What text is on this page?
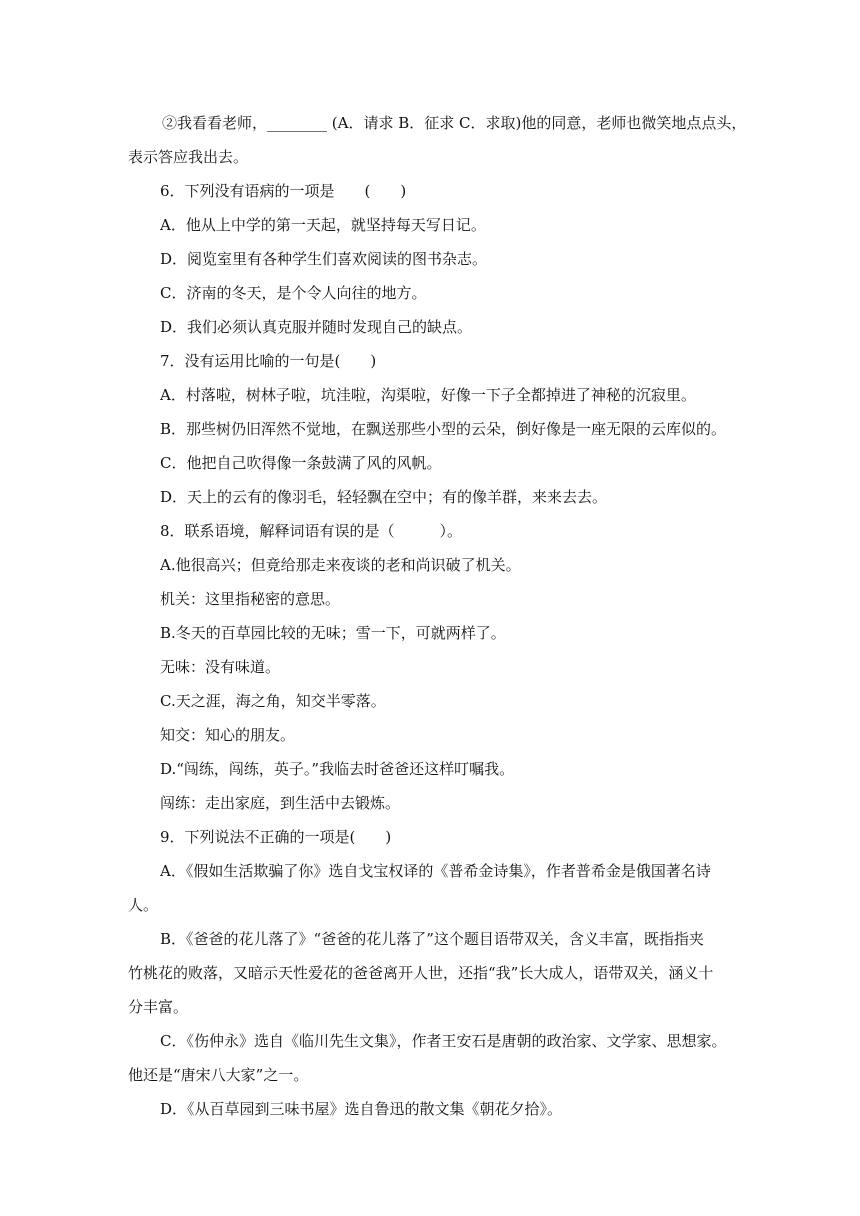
②我看看老师，________ (A．请求 B．征求 C．求取)他的同意，老师也微笑地点点头，
表示答应我出去。
6．下列没有语病的一项是　　(　　)
A．他从上中学的第一天起，就坚持每天写日记。
D．阅览室里有各种学生们喜欢阅读的图书杂志。
C．济南的冬天，是个令人向往的地方。
D．我们必须认真克服并随时发现自己的缺点。
7．没有运用比喻的一句是(　　)
A．村落啦，树林子啦，坑洼啦，沟渠啦，好像一下子全都掉进了神秘的沉寂里。
B．那些树仍旧浑然不觉地，在飘送那些小型的云朵，倒好像是一座无限的云库似的。
C．他把自己吹得像一条鼓满了风的风帆。
D．天上的云有的像羽毛，轻轻飘在空中；有的像羊群，来来去去。
8．联系语境，解释词语有误的是（　　　）。
A.他很高兴；但竟给那走来夜谈的老和尚识破了机关。
机关：这里指秘密的意思。
B.冬天的百草园比较的无味；雪一下，可就两样了。
无味：没有味道。
C.天之涯，海之角，知交半零落。
知交：知心的朋友。
D.“闯练，闯练，英子。”我临去时爸爸还这样叮嘱我。
闯练：走出家庭，到生活中去锻炼。
9．下列说法不正确的一项是(　　)
A．《假如生活欺骗了你》选自戈宝权译的《普希金诗集》，作者普希金是俄国著名诗
人。
B．《爸爸的花儿落了》“爸爸的花儿落了”这个题目语带双关，含义丰富，既指指夹
竹桃花的败落，又暗示天性爱花的爸爸离开人世，还指“我”长大成人，语带双关，涵义十
分丰富。
C．《伤仲永》选自《临川先生文集》，作者王安石是唐朝的政治家、文学家、思想家。
他还是“唐宋八大家”之一。
D．《从百草园到三味书屋》选自鲁迅的散文集《朝花夕拾》。
